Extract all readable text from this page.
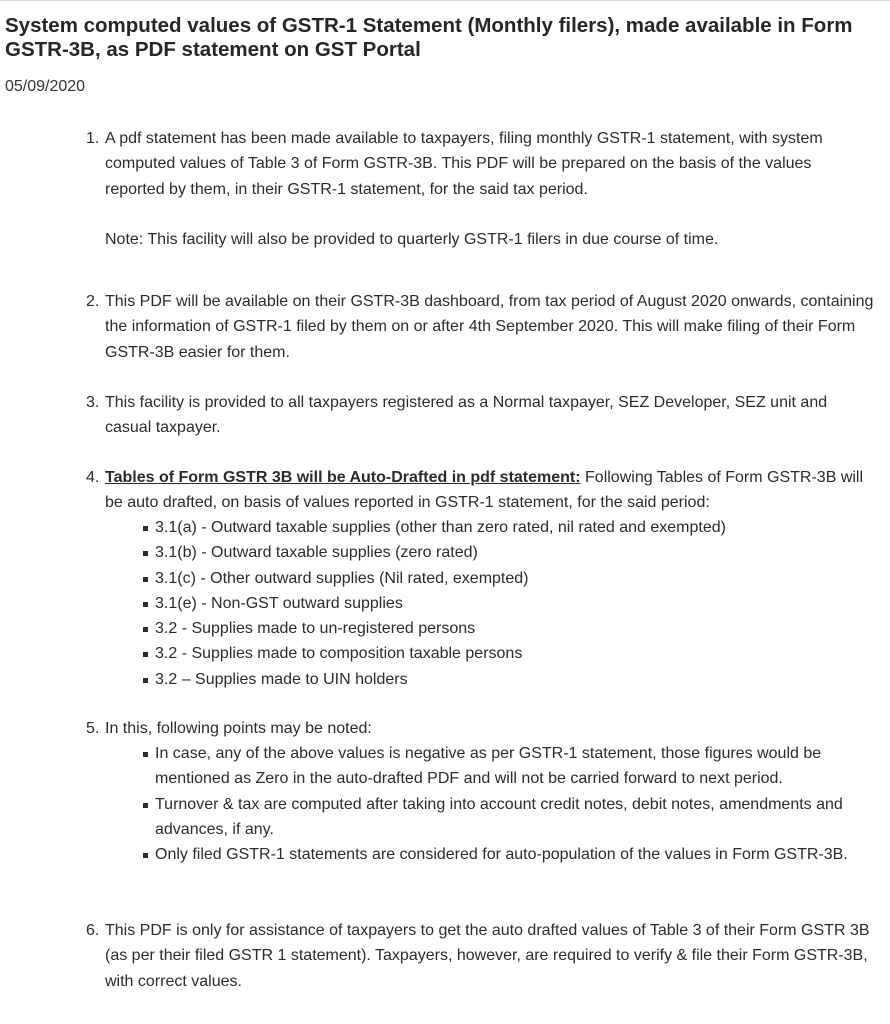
System computed values of GSTR-1 Statement (Monthly filers), made available in Form GSTR-3B, as PDF statement on GST Portal
05/09/2020
1. A pdf statement has been made available to taxpayers, filing monthly GSTR-1 statement, with system computed values of Table 3 of Form GSTR-3B. This PDF will be prepared on the basis of the values reported by them, in their GSTR-1 statement, for the said tax period.
Note: This facility will also be provided to quarterly GSTR-1 filers in due course of time.
2. This PDF will be available on their GSTR-3B dashboard, from tax period of August 2020 onwards, containing the information of GSTR-1 filed by them on or after 4th September 2020. This will make filing of their Form GSTR-3B easier for them.
3. This facility is provided to all taxpayers registered as a Normal taxpayer, SEZ Developer, SEZ unit and casual taxpayer.
4. Tables of Form GSTR 3B will be Auto-Drafted in pdf statement: Following Tables of Form GSTR-3B will be auto drafted, on basis of values reported in GSTR-1 statement, for the said period:
3.1(a) - Outward taxable supplies (other than zero rated, nil rated and exempted)
3.1(b) - Outward taxable supplies (zero rated)
3.1(c) - Other outward supplies (Nil rated, exempted)
3.1(e) - Non-GST outward supplies
3.2 - Supplies made to un-registered persons
3.2 - Supplies made to composition taxable persons
3.2 – Supplies made to UIN holders
5. In this, following points may be noted:
In case, any of the above values is negative as per GSTR-1 statement, those figures would be mentioned as Zero in the auto-drafted PDF and will not be carried forward to next period.
Turnover & tax are computed after taking into account credit notes, debit notes, amendments and advances, if any.
Only filed GSTR-1 statements are considered for auto-population of the values in Form GSTR-3B.
6. This PDF is only for assistance of taxpayers to get the auto drafted values of Table 3 of their Form GSTR 3B (as per their filed GSTR 1 statement). Taxpayers, however, are required to verify & file their Form GSTR-3B, with correct values.
